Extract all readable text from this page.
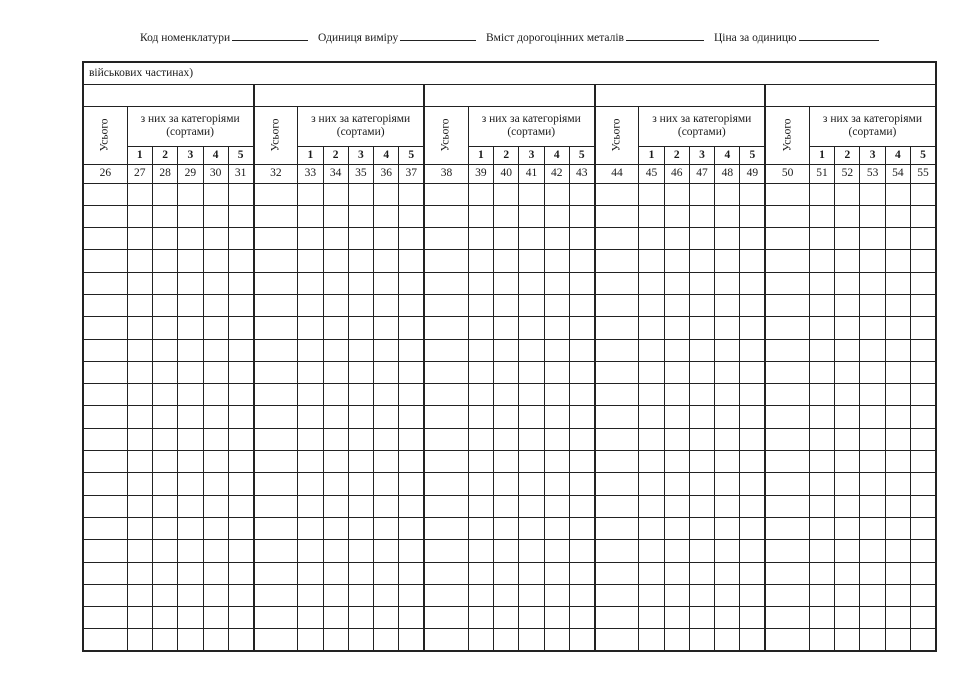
Код номенклатури	Одиниця виміру	Вміст дорогоцінних металів	Ціна за одиницю
військових частинах)																													

Усього	з них за категоріями (сортами)					Усього	з них за категоріями (сортами)					Усього	з них за категоріями (сортами)					Усього	з них за категоріями (сортами)					Усього	з них за категоріями (сортами)				
	1	2	3	4	5		1	2	3	4	5		1	2	3	4	5		1	2	3	4	5		1	2	3	4	5
26	27	28	29	30	31	32	33	34	35	36	37	38	39	40	41	42	43	44	45	46	47	48	49	50	51	52	53	54	55
